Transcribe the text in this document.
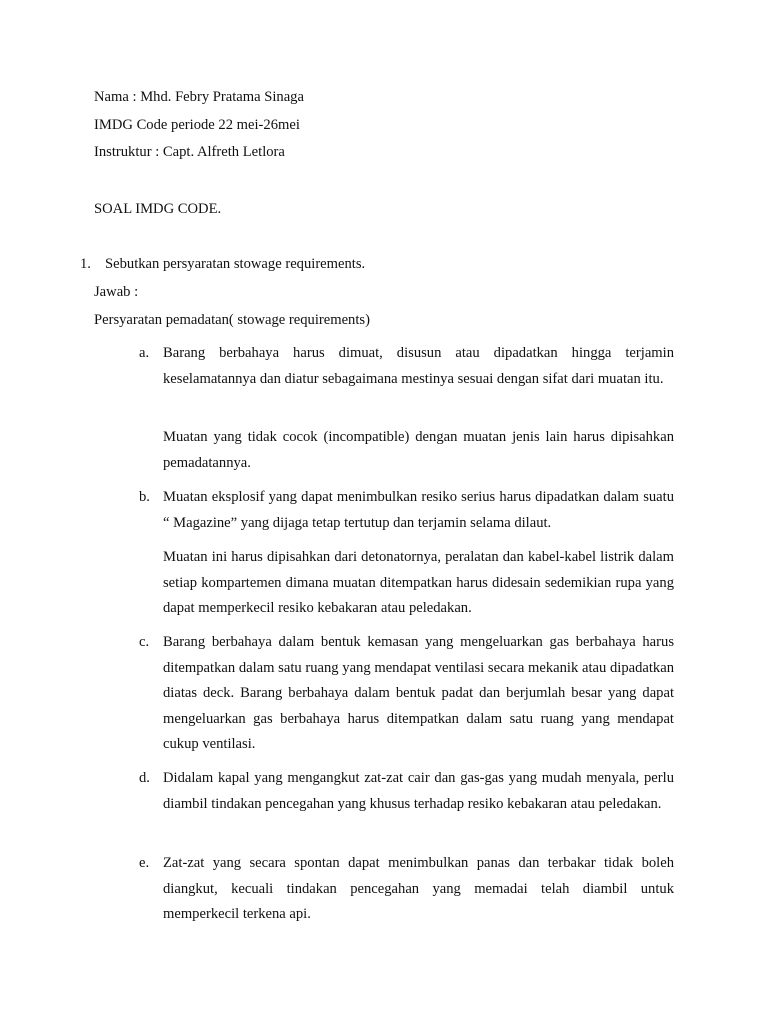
Nama : Mhd. Febry Pratama Sinaga
IMDG Code periode 22 mei-26mei
Instruktur : Capt. Alfreth Letlora
SOAL IMDG CODE.
1. Sebutkan persyaratan stowage requirements.
Jawab :
Persyaratan pemadatan( stowage requirements)
a. Barang berbahaya harus dimuat, disusun atau dipadatkan hingga terjamin keselamatannya dan diatur sebagaimana mestinya sesuai dengan sifat dari muatan itu.

Muatan yang tidak cocok (incompatible) dengan muatan jenis lain harus dipisahkan pemadatannya.

b. Muatan eksplosif yang dapat menimbulkan resiko serius harus dipadatkan dalam suatu “ Magazine” yang dijaga tetap tertutup dan terjamin selama dilaut.

Muatan ini harus dipisahkan dari detonatornya, peralatan dan kabel-kabel listrik dalam setiap kompartemen dimana muatan ditempatkan harus didesain sedemikian rupa yang dapat memperkecil resiko kebakaran atau peledakan.

c. Barang berbahaya dalam bentuk kemasan yang mengeluarkan gas berbahaya harus ditempatkan dalam satu ruang yang mendapat ventilasi secara mekanik atau dipadatkan diatas deck. Barang berbahaya dalam bentuk padat dan berjumlah besar yang dapat mengeluarkan gas berbahaya harus ditempatkan dalam satu ruang yang mendapat cukup ventilasi.

d. Didalam kapal yang mengangkut zat-zat cair dan gas-gas yang mudah menyala, perlu diambil tindakan pencegahan yang khusus terhadap resiko kebakaran atau peledakan.

e. Zat-zat yang secara spontan dapat menimbulkan panas dan terbakar tidak boleh diangkut, kecuali tindakan pencegahan yang memadai telah diambil untuk memperkecil terkena api.
